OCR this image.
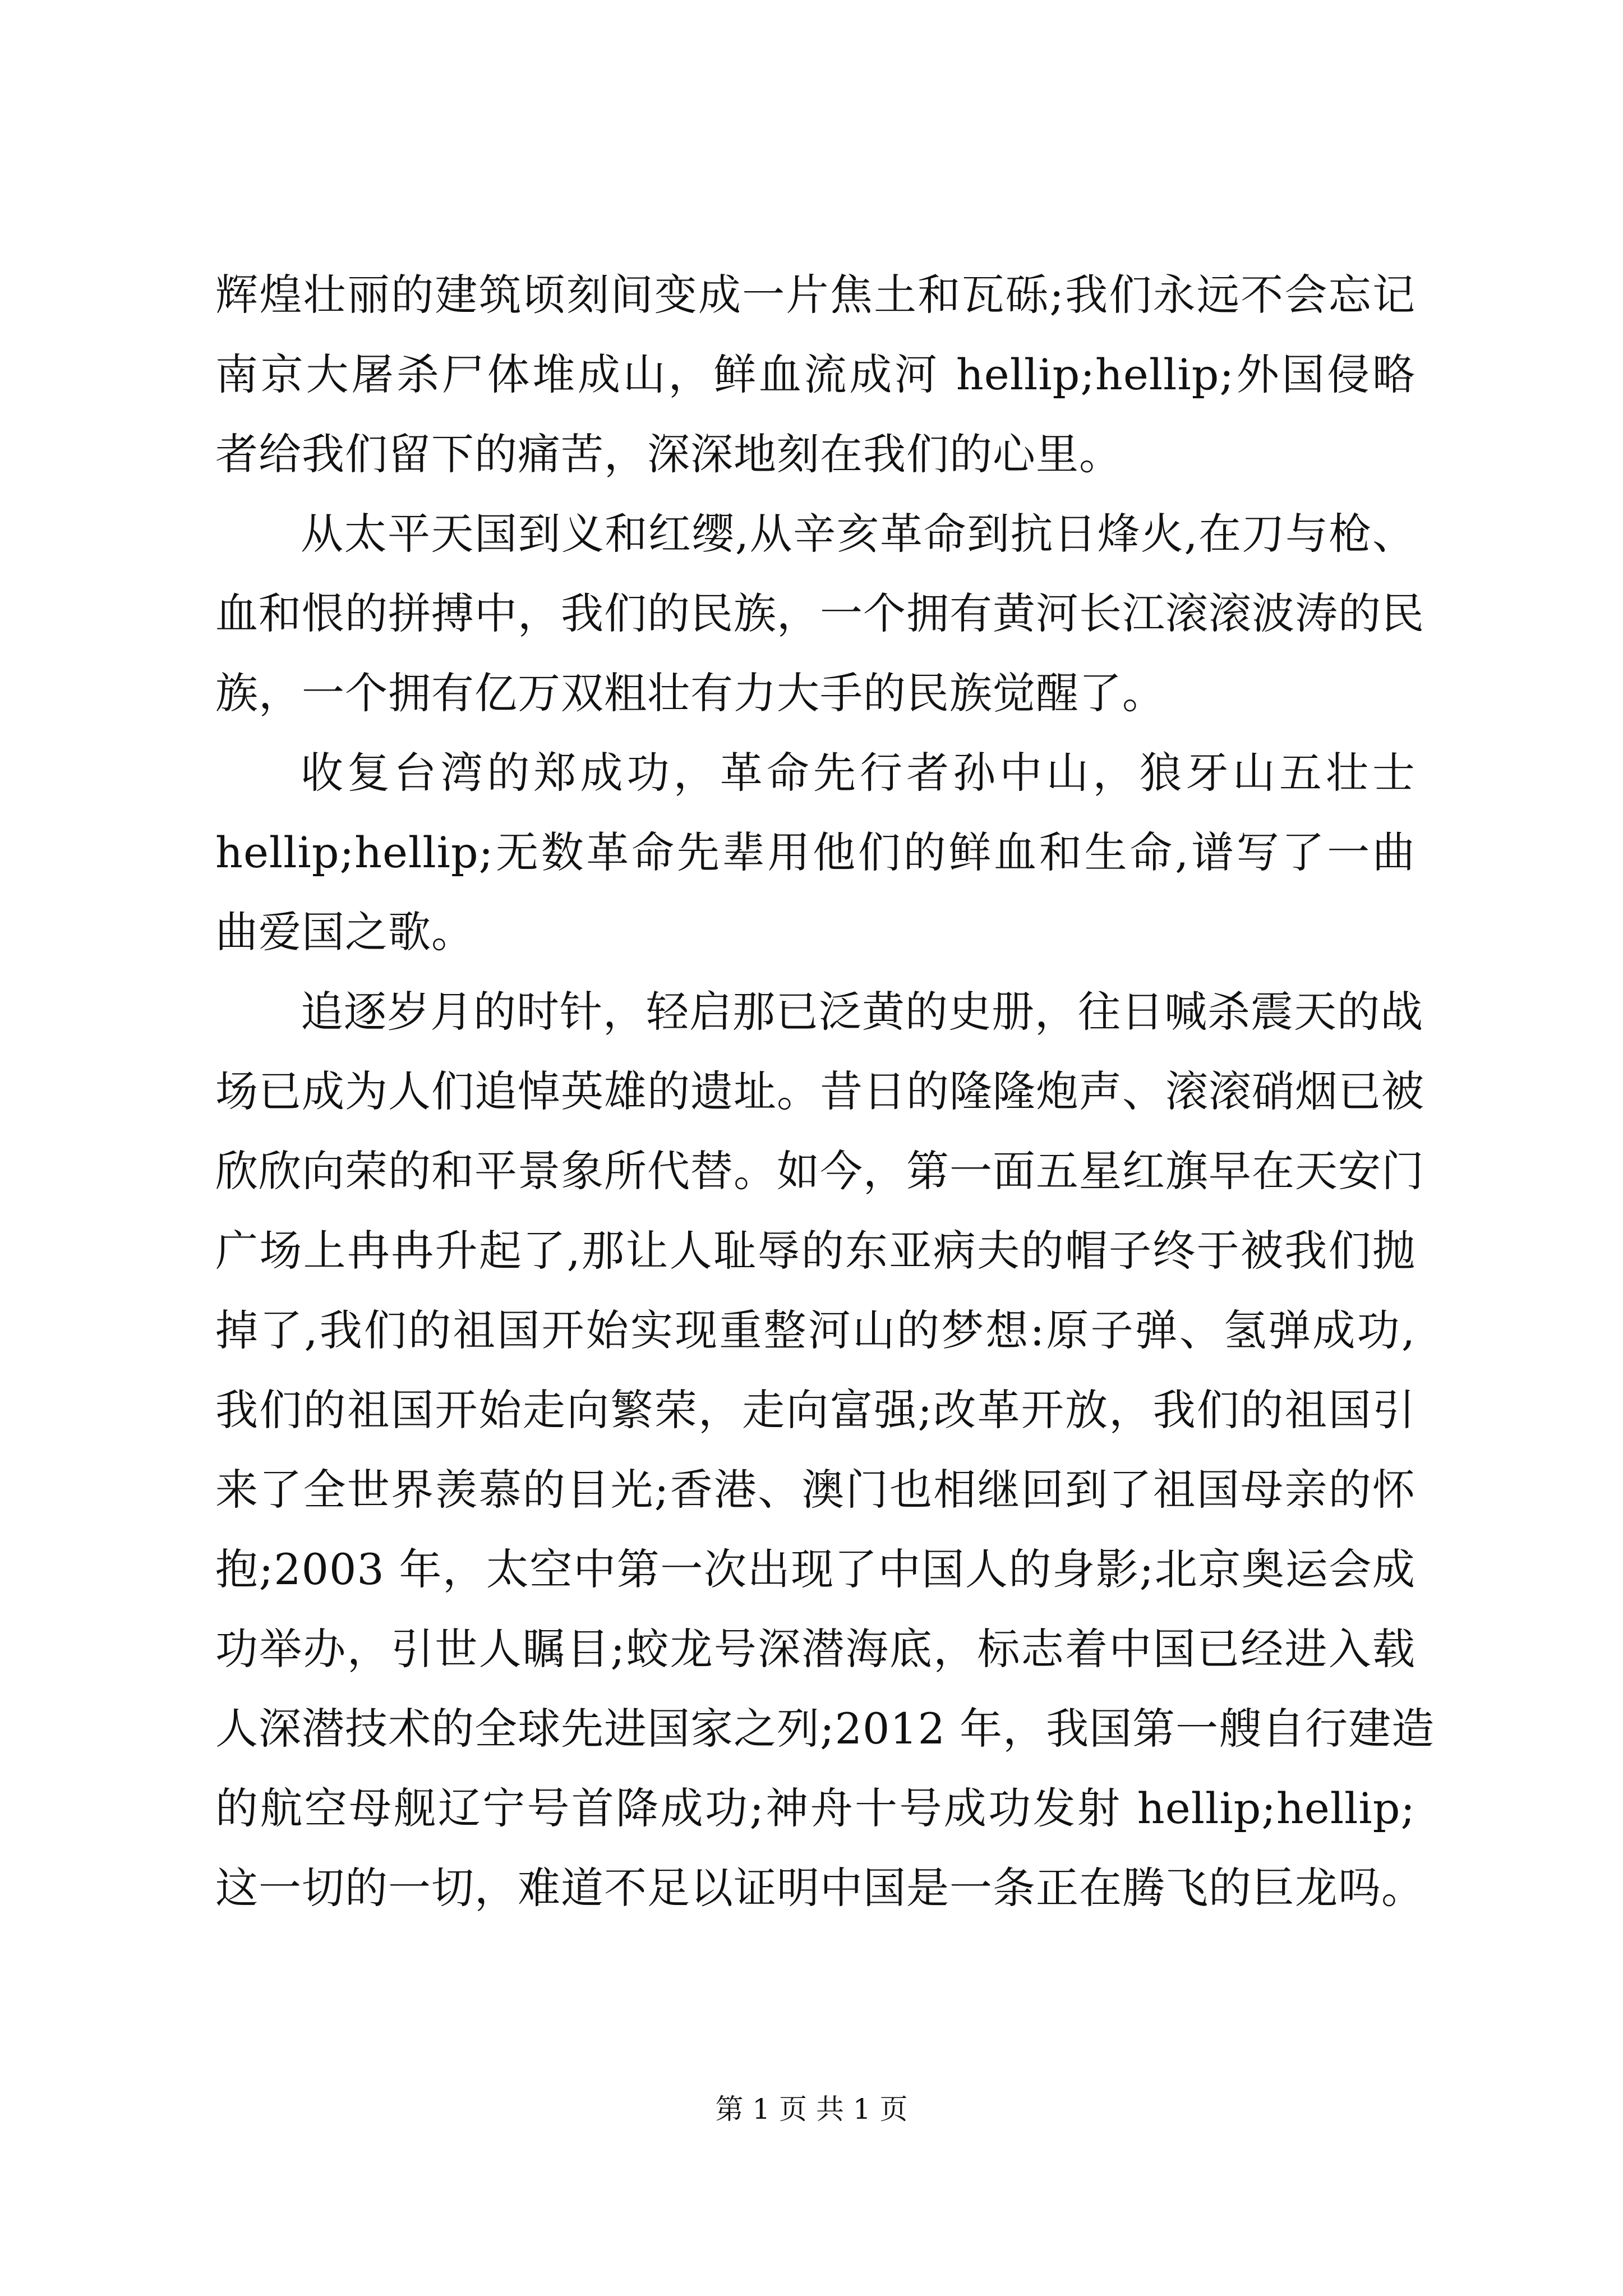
辉煌壮丽的建筑顷刻间变成一片焦土和瓦砾;我们永远不会忘记
南京大屠杀尸体堆成山，鲜血流成河 hellip;hellip;外国侵略
者给我们留下的痛苦，深深地刻在我们的心里。
从太平天国到义和红缨,从辛亥革命到抗日烽火,在刀与枪、
血和恨的拼搏中，我们的民族，一个拥有黄河长江滚滚波涛的民
族，一个拥有亿万双粗壮有力大手的民族觉醒了。
收复台湾的郑成功，革命先行者孙中山，狼牙山五壮士
hellip;hellip;无数革命先辈用他们的鲜血和生命,谱写了一曲
曲爱国之歌。
追逐岁月的时针，轻启那已泛黄的史册，往日喊杀震天的战
场已成为人们追悼英雄的遗址。昔日的隆隆炮声、滚滚硝烟已被
欣欣向荣的和平景象所代替。如今，第一面五星红旗早在天安门
广场上冉冉升起了,那让人耻辱的东亚病夫的帽子终于被我们抛
掉了,我们的祖国开始实现重整河山的梦想:原子弹、氢弹成功,
我们的祖国开始走向繁荣，走向富强;改革开放，我们的祖国引
来了全世界羡慕的目光;香港、澳门也相继回到了祖国母亲的怀
抱;2003 年，太空中第一次出现了中国人的身影;北京奥运会成
功举办，引世人瞩目;蛟龙号深潜海底，标志着中国已经进入载
人深潜技术的全球先进国家之列;2012 年，我国第一艘自行建造
的航空母舰辽宁号首降成功;神舟十号成功发射 hellip;hellip;
这一切的一切，难道不足以证明中国是一条正在腾飞的巨龙吗。
第 1 页 共 1 页
